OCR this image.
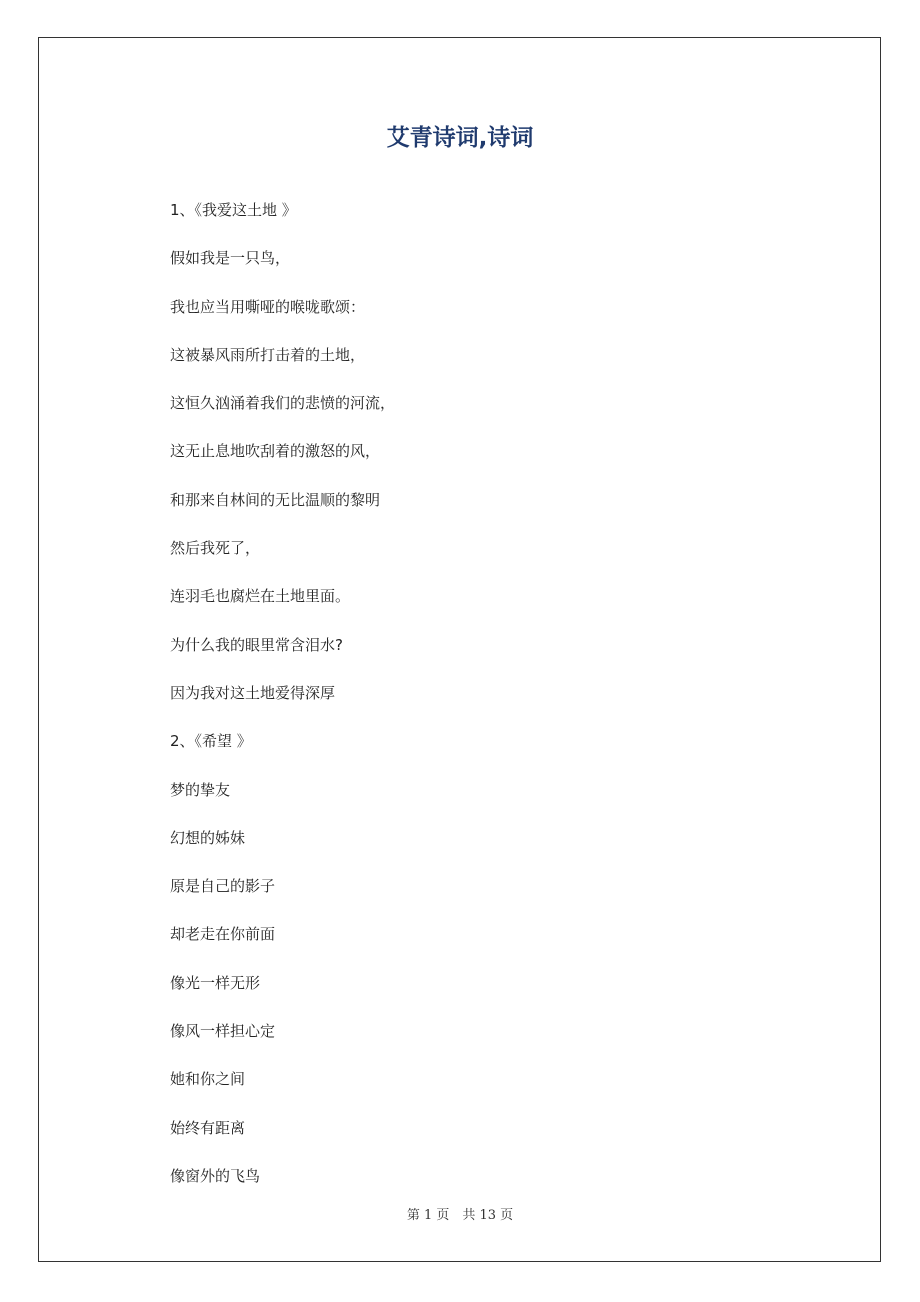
艾青诗词,诗词
1、《我爱这土地 》
假如我是一只鸟，
我也应当用嘶哑的喉咙歌颂：
这被暴风雨所打击着的土地，
这恒久汹涌着我们的悲愤的河流，
这无止息地吹刮着的激怒的风，
和那来自林间的无比温顺的黎明
然后我死了，
连羽毛也腐烂在土地里面。
为什么我的眼里常含泪水?
因为我对这土地爱得深厚
2、《希望 》
梦的挚友
幻想的姊妹
原是自己的影子
却老走在你前面
像光一样无形
像风一样担心定
她和你之间
始终有距离
像窗外的飞鸟
第 1 页　共 13 页
